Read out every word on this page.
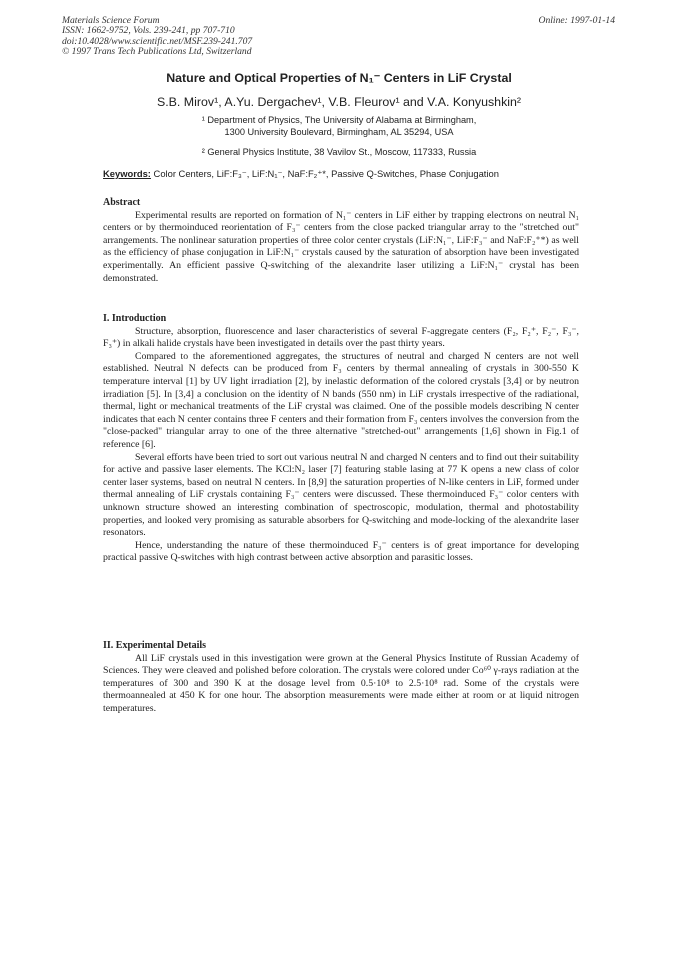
Materials Science Forum
ISSN: 1662-9752, Vols. 239-241, pp 707-710
doi:10.4028/www.scientific.net/MSF.239-241.707
© 1997 Trans Tech Publications Ltd, Switzerland
Online: 1997-01-14
Nature and Optical Properties of N₁⁻ Centers in LiF Crystal
S.B. Mirov¹, A.Yu. Dergachev¹, V.B. Fleurov¹ and V.A. Konyushkin²
¹ Department of Physics, The University of Alabama at Birmingham,
1300 University Boulevard, Birmingham, AL 35294, USA
² General Physics Institute, 38 Vavilov St., Moscow, 117333, Russia
Keywords: Color Centers, LiF:F₃⁻, LiF:N₁⁻, NaF:F₂⁺*, Passive Q-Switches, Phase Conjugation
Abstract

Experimental results are reported on formation of N₁⁻ centers in LiF either by trapping electrons on neutral N₁ centers or by thermoinduced reorientation of F₃⁻ centers from the close packed triangular array to the "stretched out" arrangements. The nonlinear saturation properties of three color center crystals (LiF:N₁⁻, LiF:F₃⁻ and NaF:F₂⁺*) as well as the efficiency of phase conjugation in LiF:N₁⁻ crystals caused by the saturation of absorption have been investigated experimentally. An efficient passive Q-switching of the alexandrite laser utilizing a LiF:N₁⁻ crystal has been demonstrated.

I. Introduction

Structure, absorption, fluorescence and laser characteristics of several F-aggregate centers (F₂, F₂⁺, F₂⁻, F₃⁻, F₃⁺) in alkali halide crystals have been investigated in details over the past thirty years.

Compared to the aforementioned aggregates, the structures of neutral and charged N centers are not well established. Neutral N defects can be produced from F₃ centers by thermal annealing of crystals in 300-550 K temperature interval [1] by UV light irradiation [2], by inelastic deformation of the colored crystals [3,4] or by neutron irradiation [5]. In [3,4] a conclusion on the identity of N bands (550 nm) in LiF crystals irrespective of the radiational, thermal, light or mechanical treatments of the LiF crystal was claimed. One of the possible models describing N center indicates that each N center contains three F centers and their formation from F₃ centers involves the conversion from the "close-packed" triangular array to one of the three alternative "stretched-out" arrangements [1,6] shown in Fig.1 of reference [6].

Several efforts have been tried to sort out various neutral N and charged N centers and to find out their suitability for active and passive laser elements. The KCl:N₂ laser [7] featuring stable lasing at 77 K opens a new class of color center laser systems, based on neutral N centers. In [8,9] the saturation properties of N-like centers in LiF, formed under thermal annealing of LiF crystals containing F₃⁻ centers were discussed. These thermoinduced F₃⁻ color centers with unknown structure showed an interesting combination of spectroscopic, modulation, thermal and photostability properties, and looked very promising as saturable absorbers for Q-switching and mode-locking of the alexandrite laser resonators.

Hence, understanding the nature of these thermoinduced F₃⁻ centers is of great importance for developing practical passive Q-switches with high contrast between active absorption and parasitic losses.

II. Experimental Details

All LiF crystals used in this investigation were grown at the General Physics Institute of Russian Academy of Sciences. They were cleaved and polished before coloration. The crystals were colored under Co⁶⁰ γ-rays radiation at the temperatures of 300 and 390 K at the dosage level from 0.5·10⁸ to 2.5·10⁸ rad. Some of the crystals were thermoannealed at 450 K for one hour. The absorption measurements were made either at room or at liquid nitrogen temperatures.
